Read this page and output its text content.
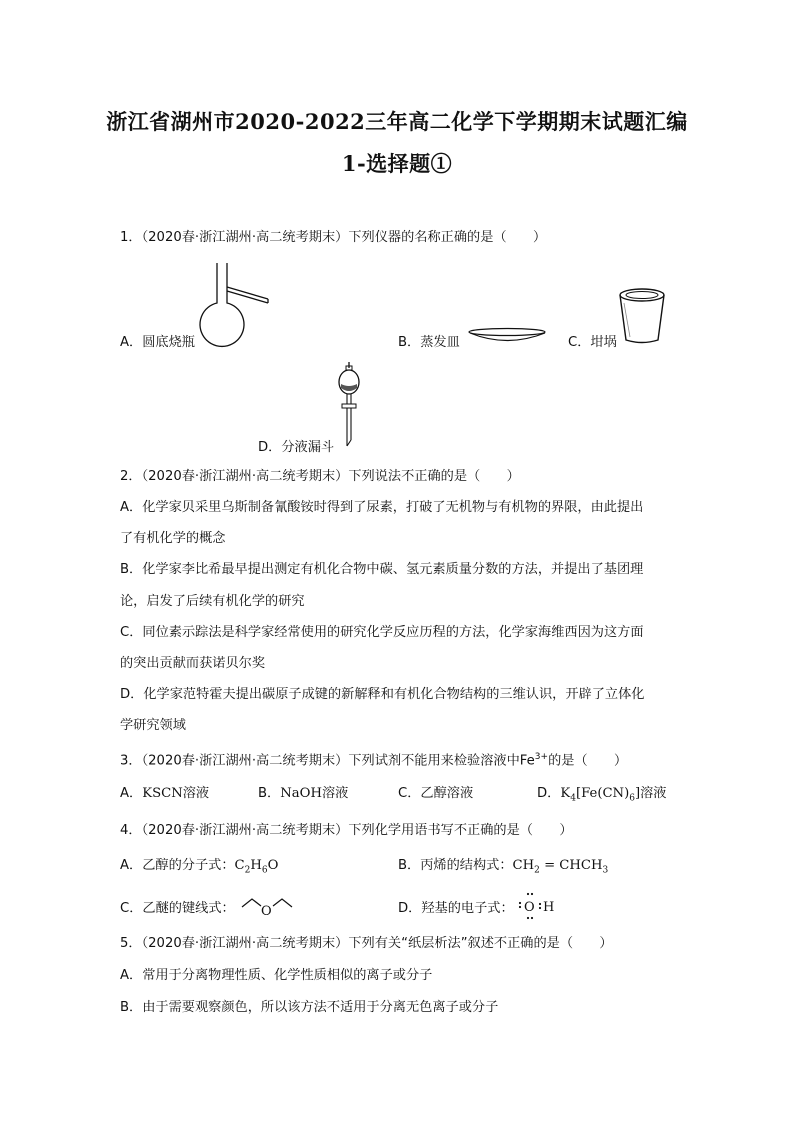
浙江省湖州市2020-2022三年高二化学下学期期末试题汇编
1-选择题①
1．（2020春·浙江湖州·高二统考期末）下列仪器的名称正确的是（　　）
A．圆底烧瓶	B．蒸发皿	C．坩埚
D．分液漏斗
2．（2020春·浙江湖州·高二统考期末）下列说法不正确的是（　　）
A．化学家贝采里乌斯制备氰酸铵时得到了尿素，打破了无机物与有机物的界限，由此提出
了有机化学的概念
B．化学家李比希最早提出测定有机化合物中碳、氢元素质量分数的方法，并提出了基团理
论，启发了后续有机化学的研究
C．同位素示踪法是科学家经常使用的研究化学反应历程的方法，化学家海维西因为这方面
的突出贡献而获诺贝尔奖
D．化学家范特霍夫提出碳原子成键的新解释和有机化合物结构的三维认识，开辟了立体化
学研究领域
3．（2020春·浙江湖州·高二统考期末）下列试剂不能用来检验溶液中$Fe^{3+}$的是（　　）
A．KSCN溶液	B．NaOH溶液	C．乙醇溶液	D．$K_4[Fe(CN)_6]$溶液
4．（2020春·浙江湖州·高二统考期末）下列化学用语书写不正确的是（　　）
A．乙醇的分子式：$C_2H_6O$	B．丙烯的结构式：$CH_2$ = $CHCH_3$
C．乙醚的键线式： O	D．羟基的电子式： O H
5．（2020春·浙江湖州·高二统考期末）下列有关“纸层析法”叙述不正确的是（　　）
A．常用于分离物理性质、化学性质相似的离子或分子
B．由于需要观察颜色，所以该方法不适用于分离无色离子或分子
